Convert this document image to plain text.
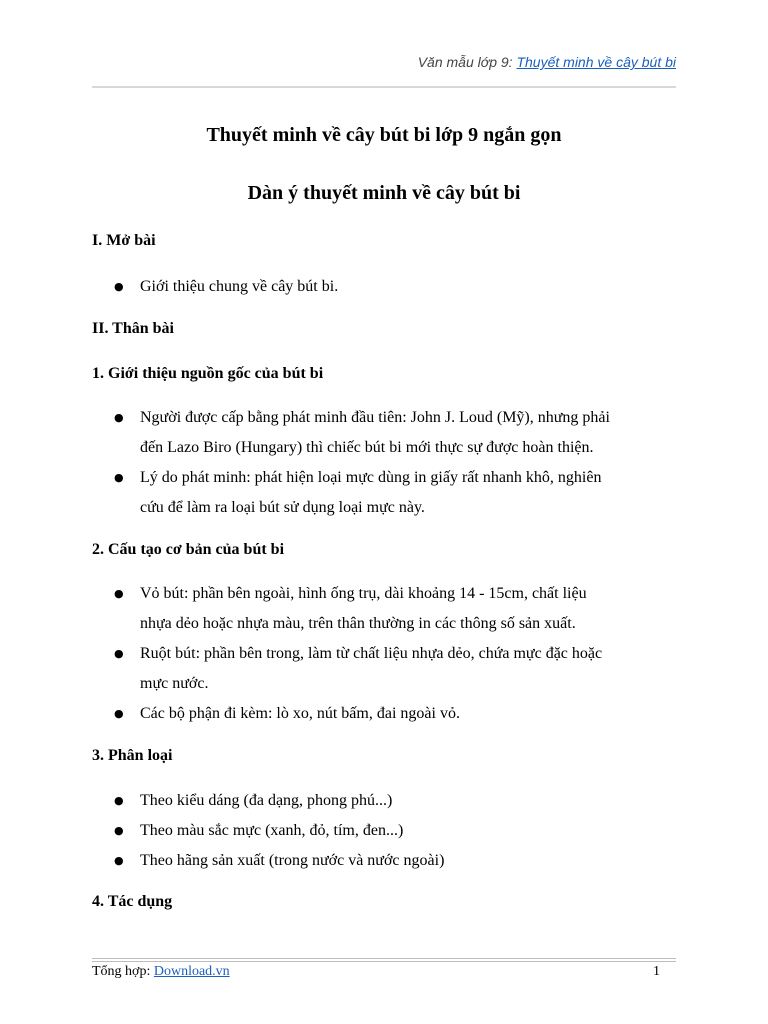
Văn mẫu lớp 9: Thuyết minh về cây bút bi
Thuyết minh về cây bút bi lớp 9 ngắn gọn
Dàn ý thuyết minh về cây bút bi
I. Mở bài
● Giới thiệu chung về cây bút bi.
II. Thân bài
1. Giới thiệu nguồn gốc của bút bi
● Người được cấp bằng phát minh đầu tiên: John J. Loud (Mỹ), nhưng phải
đến Lazo Biro (Hungary) thì chiếc bút bi mới thực sự được hoàn thiện.
● Lý do phát minh: phát hiện loại mực dùng in giấy rất nhanh khô, nghiên
cứu để làm ra loại bút sử dụng loại mực này.
2. Cấu tạo cơ bản của bút bi
● Vỏ bút: phần bên ngoài, hình ống trụ, dài khoảng 14 - 15cm, chất liệu
nhựa dẻo hoặc nhựa màu, trên thân thường in các thông số sản xuất.
● Ruột bút: phần bên trong, làm từ chất liệu nhựa dẻo, chứa mực đặc hoặc
mực nước.
● Các bộ phận đi kèm: lò xo, nút bấm, đai ngoài vỏ.
3. Phân loại
● Theo kiểu dáng (đa dạng, phong phú...)
● Theo màu sắc mực (xanh, đỏ, tím, đen...)
● Theo hãng sản xuất (trong nước và nước ngoài)
4. Tác dụng
Tổng hợp: Download.vn	1
